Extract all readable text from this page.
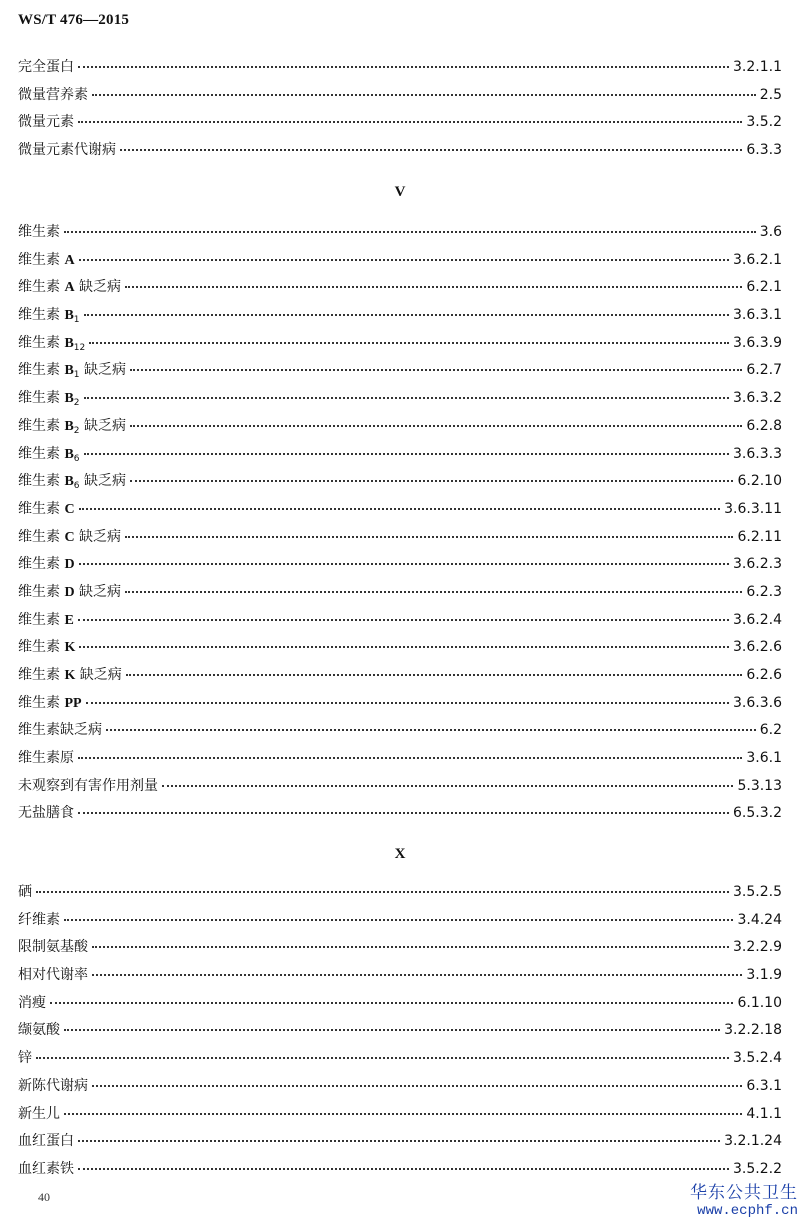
WS/T 476—2015
完全蛋白	3.2.1.1
微量营养素	2.5
微量元素	3.5.2
微量元素代谢病	6.3.3
V
维生素	3.6
维生素 A	3.6.2.1
维生素 A 缺乏病	6.2.1
维生素 $B_1$	3.6.3.1
维生素 $B_{12}$	3.6.3.9
维生素 $B_1$ 缺乏病	6.2.7
维生素 $B_2$	3.6.3.2
维生素 $B_2$ 缺乏病	6.2.8
维生素 $B_6$	3.6.3.3
维生素 $B_6$ 缺乏病	6.2.10
维生素 C	3.6.3.11
维生素 C 缺乏病	6.2.11
维生素 D	3.6.2.3
维生素 D 缺乏病	6.2.3
维生素 E	3.6.2.4
维生素 K	3.6.2.6
维生素 K 缺乏病	6.2.6
维生素 PP	3.6.3.6
维生素缺乏病	6.2
维生素原	3.6.1
未观察到有害作用剂量	5.3.13
无盐膳食	6.5.3.2
X
硒	3.5.2.5
纤维素	3.4.24
限制氨基酸	3.2.2.9
相对代谢率	3.1.9
消瘦	6.1.10
缬氨酸	3.2.2.18
锌	3.5.2.4
新陈代谢病	6.3.1
新生儿	4.1.1
血红蛋白	3.2.1.24
血红素铁	3.5.2.2
40	华东公共卫生
www.ecphf.cn
